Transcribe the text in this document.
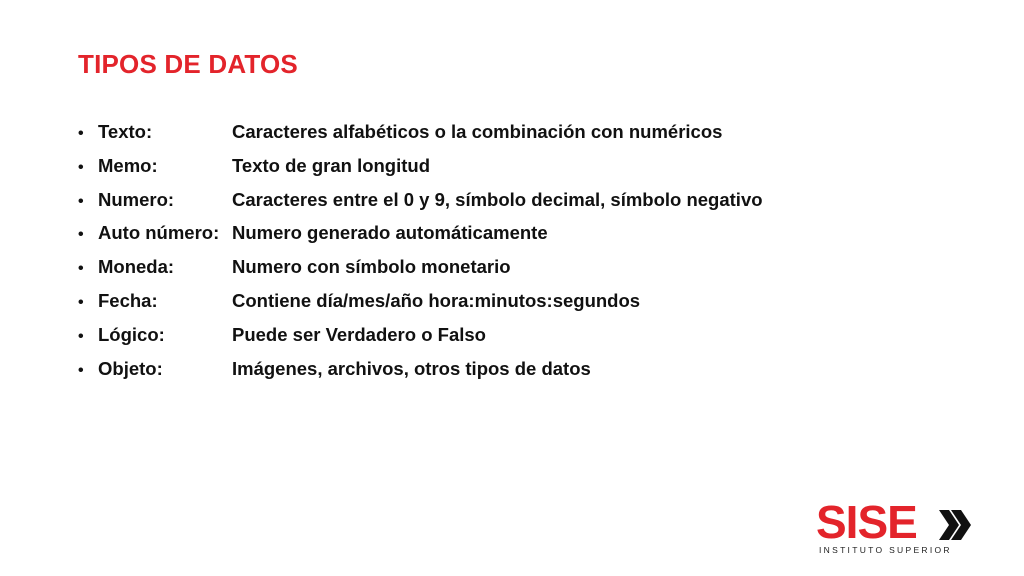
TIPOS DE DATOS
• Texto:	Caracteres alfabéticos o la combinación con numéricos
• Memo:	Texto de gran longitud
• Numero:	Caracteres entre el 0 y 9, símbolo decimal, símbolo negativo
• Auto número: Numero generado automáticamente
• Moneda:	Numero con símbolo monetario
• Fecha:	Contiene día/mes/año hora:minutos:segundos
• Lógico:	Puede ser Verdadero o Falso
• Objeto:	Imágenes, archivos, otros tipos de datos
SISE
INSTITUTO SUPERIOR
